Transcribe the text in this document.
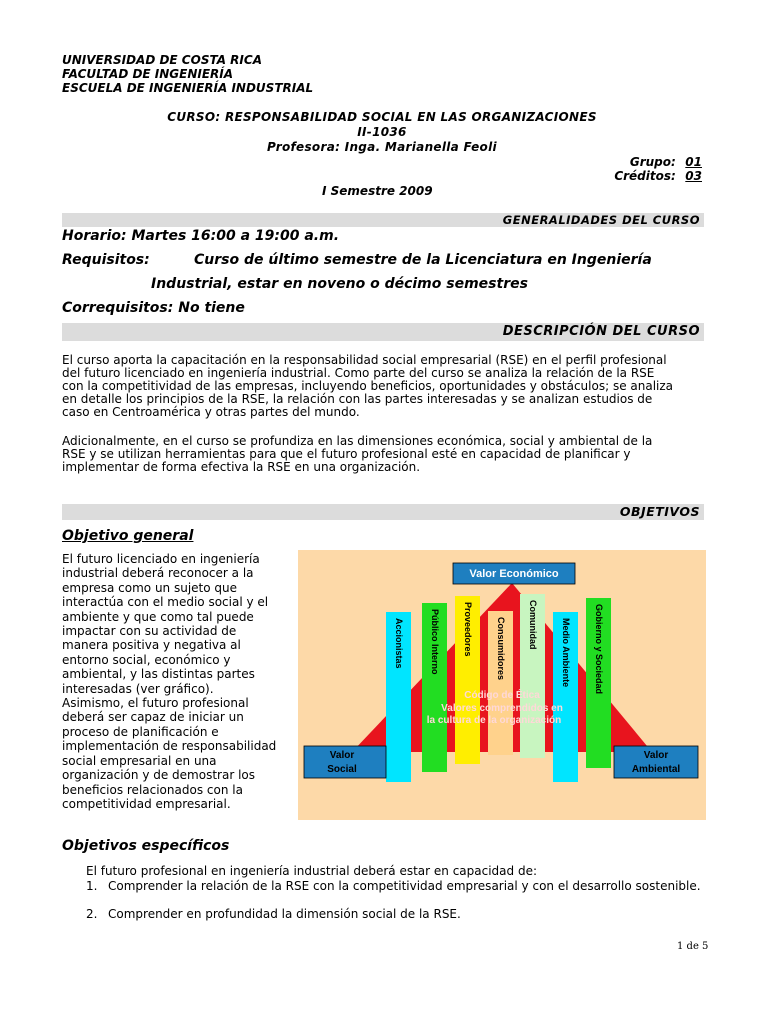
UNIVERSIDAD DE COSTA RICA
FACULTAD DE INGENIERÍA
ESCUELA DE INGENIERÍA INDUSTRIAL
CURSO: RESPONSABILIDAD SOCIAL EN LAS ORGANIZACIONES
II-1036
Profesora: Inga. Marianella Feoli
Grupo: 01
Créditos: 03
I Semestre 2009
GENERALIDADES DEL CURSO
Horario: Martes 16:00 a 19:00 a.m.
Requisitos:	Curso de último semestre de la Licenciatura en Ingeniería
Industrial, estar en noveno o décimo semestres
Correquisitos: No tiene
DESCRIPCIÓN DEL CURSO
El curso aporta la capacitación en la responsabilidad social empresarial (RSE) en el perfil profesional
del futuro licenciado en ingeniería industrial. Como parte del curso se analiza la relación de la RSE
con la competitividad de las empresas, incluyendo beneficios, oportunidades y obstáculos; se analiza
en detalle los principios de la RSE, la relación con las partes interesadas y se analizan estudios de
caso en Centroamérica y otras partes del mundo.
Adicionalmente, en el curso se profundiza en las dimensiones económica, social y ambiental de la
RSE y se utilizan herramientas para que el futuro profesional esté en capacidad de planificar y
implementar de forma efectiva la RSE en una organización.
OBJETIVOS
Objetivo general
El futuro licenciado en ingeniería
industrial deberá reconocer a la
empresa como un sujeto que
interactúa con el medio social y el
ambiente y que como tal puede
impactar con su actividad de
manera positiva y negativa al
entorno social, económico y
ambiental, y las distintas partes
interesadas (ver gráfico).
Asimismo, el futuro profesional
deberá ser capaz de iniciar un
proceso de planificación e
implementación de responsabilidad
social empresarial en una
organización y de demostrar los
beneficios relacionados con la
competitividad empresarial.
Accionistas	Público Interno	Proveedores	Consumidores Comunidad	Medio Ambiente	Gobierno y Sociedad
Código de Ética
Valores comprendidos en
la cultura de la organización
Valor Económico
Valor
Social
Valor
Ambiental
Objetivos específicos
El futuro profesional en ingeniería industrial deberá estar en capacidad de:
1. Comprender la relación de la RSE con la competitividad empresarial y con el desarrollo sostenible.
2. Comprender en profundidad la dimensión social de la RSE.
1 de 5
